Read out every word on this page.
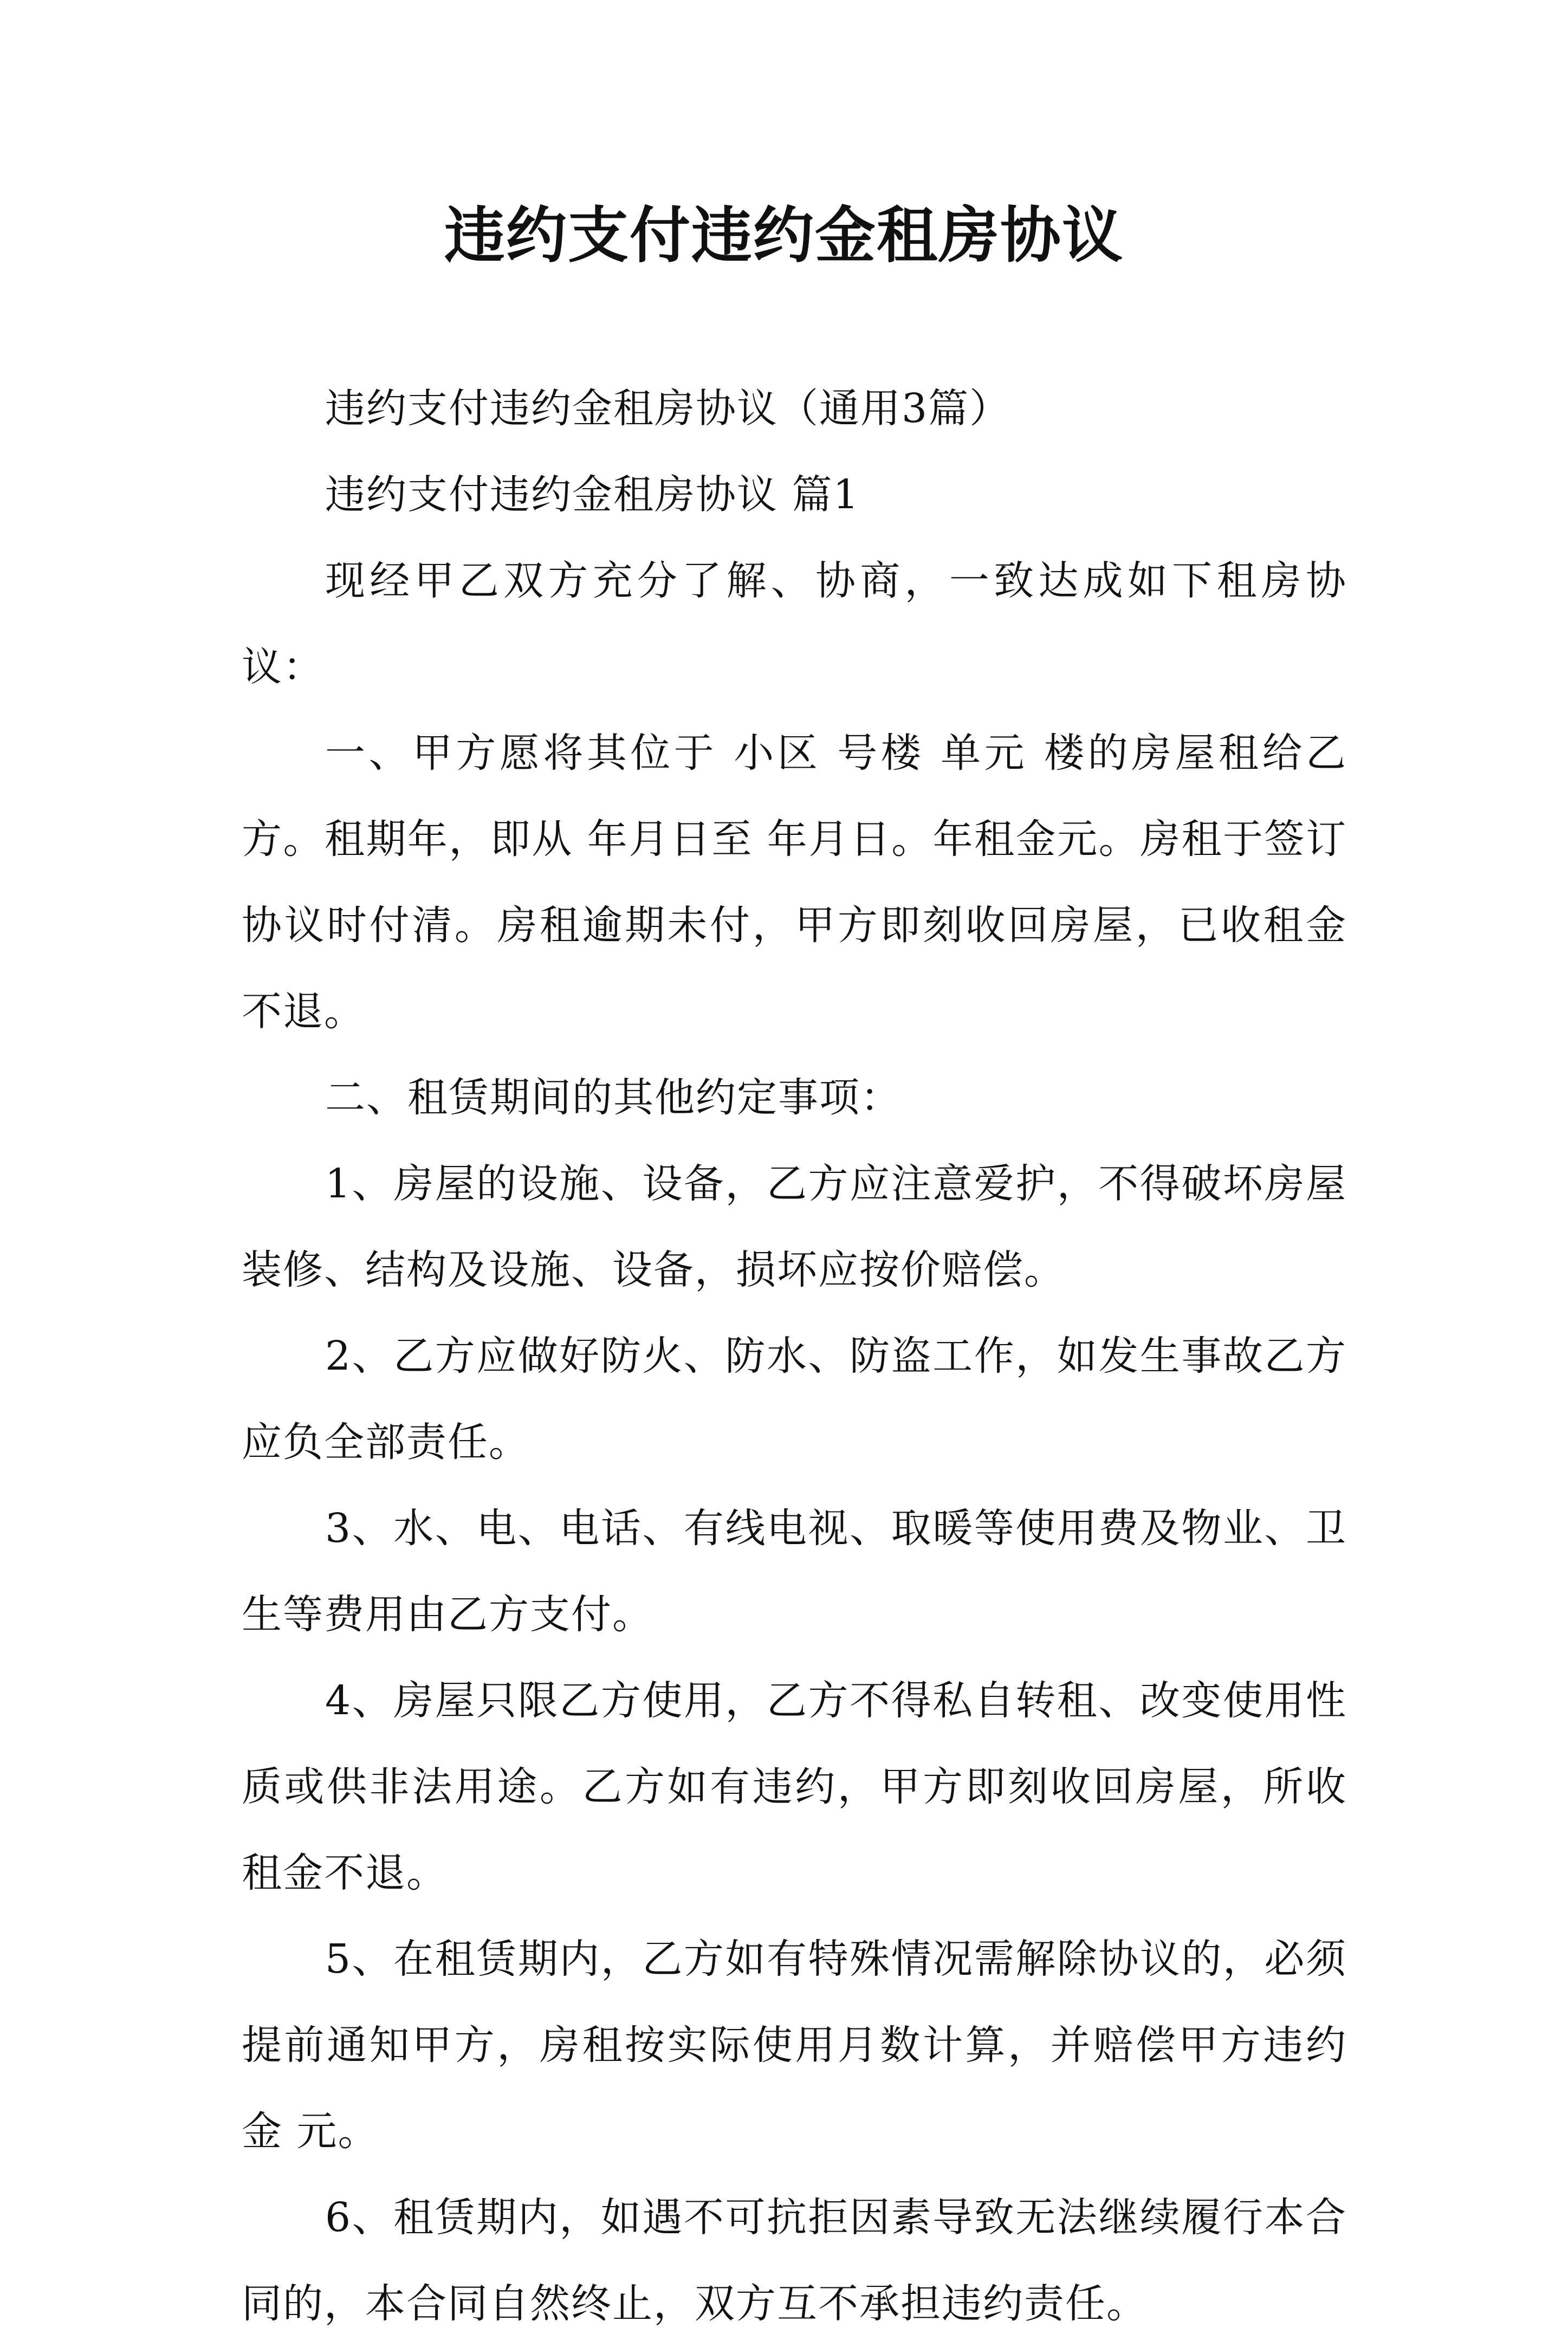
违约支付违约金租房协议

违约支付违约金租房协议（通用3篇）

违约支付违约金租房协议 篇1

现经甲乙双方充分了解、协商，一致达成如下租房协议：

一、甲方愿将其位于 小区 号楼 单元 楼的房屋租给乙方。租期年，即从 年月日至 年月日。年租金元。房租于签订协议时付清。房租逾期未付，甲方即刻收回房屋，已收租金不退。

二、租赁期间的其他约定事项：

1、房屋的设施、设备，乙方应注意爱护，不得破坏房屋装修、结构及设施、设备，损坏应按价赔偿。

2、乙方应做好防火、防水、防盗工作，如发生事故乙方应负全部责任。

3、水、电、电话、有线电视、取暖等使用费及物业、卫生等费用由乙方支付。

4、房屋只限乙方使用，乙方不得私自转租、改变使用性质或供非法用途。乙方如有违约，甲方即刻收回房屋，所收租金不退。

5、在租赁期内，乙方如有特殊情况需解除协议的，必须提前通知甲方，房租按实际使用月数计算，并赔偿甲方违约金 元。

6、租赁期内，如遇不可抗拒因素导致无法继续履行本合同的，本合同自然终止，双方互不承担违约责任。
